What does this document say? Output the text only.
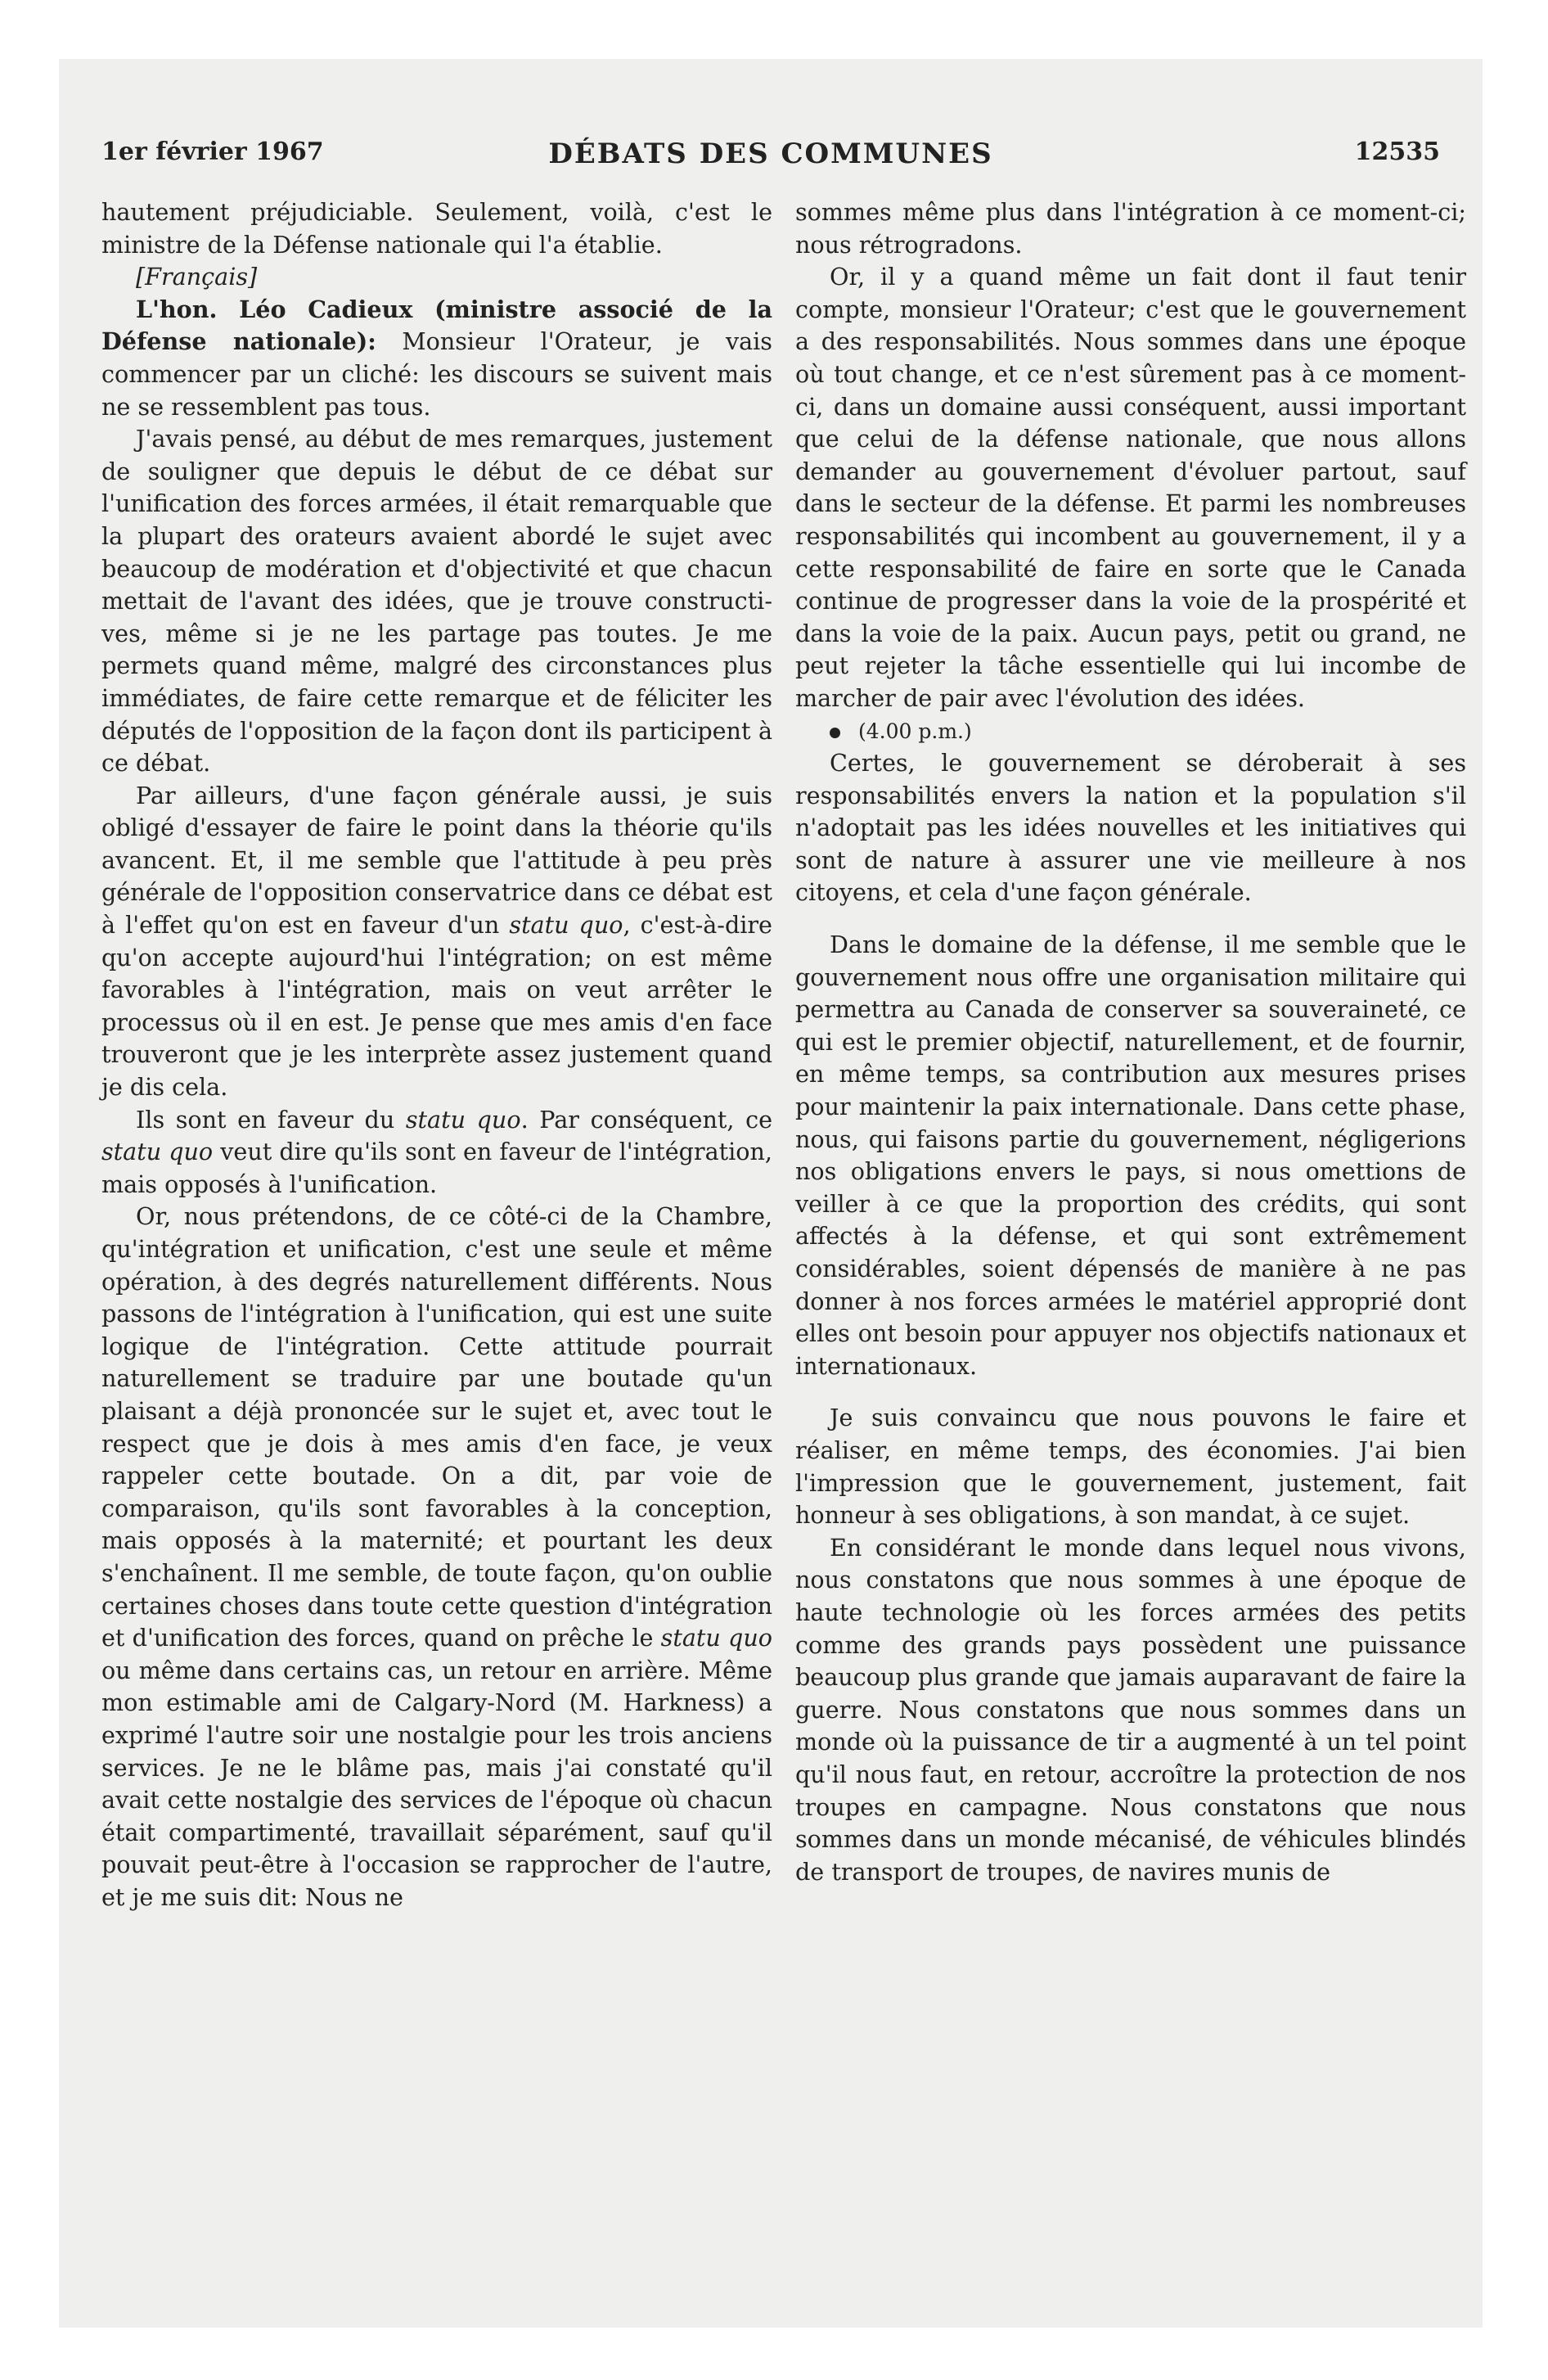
1er février 1967	DÉBATS DES COMMUNES	12535

hautement préjudiciable. Seulement, voilà, c'est le ministre de la Défense nationale qui l'a établie.

[Français]

L'hon. Léo Cadieux (ministre associé de la Défense nationale): Monsieur l'Orateur, je vais commencer par un cliché: les discours se suivent mais ne se ressemblent pas tous.

J'avais pensé, au début de mes remarques, justement de souligner que depuis le début de ce débat sur l'unification des forces armées, il était remarquable que la plupart des orateurs avaient abordé le sujet avec beaucoup de modération et d'objectivité et que chacun mettait de l'avant des idées, que je trouve constructives, même si je ne les partage pas toutes. Je me permets quand même, malgré des circonstances plus immédiates, de faire cette remarque et de féliciter les députés de l'opposition de la façon dont ils participent à ce débat.

Par ailleurs, d'une façon générale aussi, je suis obligé d'essayer de faire le point dans la théorie qu'ils avancent. Et, il me semble que l'attitude à peu près générale de l'opposition conservatrice dans ce débat est à l'effet qu'on est en faveur d'un statu quo, c'est-à-dire qu'on accepte aujourd'hui l'intégration; on est même favorables à l'intégration, mais on veut arrêter le processus où il en est. Je pense que mes amis d'en face trouveront que je les interprète assez justement quand je dis cela.

Ils sont en faveur du statu quo. Par conséquent, ce statu quo veut dire qu'ils sont en faveur de l'intégration, mais opposés à l'unification.

Or, nous prétendons, de ce côté-ci de la Chambre, qu'intégration et unification, c'est une seule et même opération, à des degrés naturellement différents. Nous passons de l'intégration à l'unification, qui est une suite logique de l'intégration. Cette attitude pourrait naturellement se traduire par une boutade qu'un plaisant a déjà prononcée sur le sujet et, avec tout le respect que je dois à mes amis d'en face, je veux rappeler cette boutade. On a dit, par voie de comparaison, qu'ils sont favorables à la conception, mais opposés à la maternité; et pourtant les deux s'enchaînent. Il me semble, de toute façon, qu'on oublie certaines choses dans toute cette question d'intégration et d'unification des forces, quand on prêche le statu quo ou même dans certains cas, un retour en arrière. Même mon estimable ami de Calgary-Nord (M. Harkness) a exprimé l'autre soir une nostalgie pour les trois anciens services. Je ne le blâme pas, mais j'ai constaté qu'il avait cette nostalgie des services de l'époque où chacun était compartimenté, travaillait séparément, sauf qu'il pouvait peut-être à l'occasion se rapprocher de l'autre, et je me suis dit: Nous ne

sommes même plus dans l'intégration à ce moment-ci; nous rétrogradons.

Or, il y a quand même un fait dont il faut tenir compte, monsieur l'Orateur; c'est que le gouvernement a des responsabilités. Nous sommes dans une époque où tout change, et ce n'est sûrement pas à ce moment-ci, dans un domaine aussi conséquent, aussi important que celui de la défense nationale, que nous allons demander au gouvernement d'évoluer partout, sauf dans le secteur de la défense. Et parmi les nombreuses responsabilités qui incombent au gouvernement, il y a cette responsabilité de faire en sorte que le Canada continue de progresser dans la voie de la prospérité et dans la voie de la paix. Aucun pays, petit ou grand, ne peut rejeter la tâche essentielle qui lui incombe de marcher de pair avec l'évolution des idées.

(4.00 p.m.)

Certes, le gouvernement se déroberait à ses responsabilités envers la nation et la population s'il n'adoptait pas les idées nouvelles et les initiatives qui sont de nature à assurer une vie meilleure à nos citoyens, et cela d'une façon générale.

Dans le domaine de la défense, il me semble que le gouvernement nous offre une organisation militaire qui permettra au Canada de conserver sa souveraineté, ce qui est le premier objectif, naturellement, et de fournir, en même temps, sa contribution aux mesures prises pour maintenir la paix internationale. Dans cette phase, nous, qui faisons partie du gouvernement, négligerions nos obligations envers le pays, si nous omettions de veiller à ce que la proportion des crédits, qui sont affectés à la défense, et qui sont extrêmement considérables, soient dépensés de manière à ne pas donner à nos forces armées le matériel approprié dont elles ont besoin pour appuyer nos objectifs nationaux et internationaux.

Je suis convaincu que nous pouvons le faire et réaliser, en même temps, des économies. J'ai bien l'impression que le gouvernement, justement, fait honneur à ses obligations, à son mandat, à ce sujet.

En considérant le monde dans lequel nous vivons, nous constatons que nous sommes à une époque de haute technologie où les forces armées des petits comme des grands pays possèdent une puissance beaucoup plus grande que jamais auparavant de faire la guerre. Nous constatons que nous sommes dans un monde où la puissance de tir a augmenté à un tel point qu'il nous faut, en retour, accroître la protection de nos troupes en campagne. Nous constatons que nous sommes dans un monde mécanisé, de véhicules blindés de transport de troupes, de navires munis de
